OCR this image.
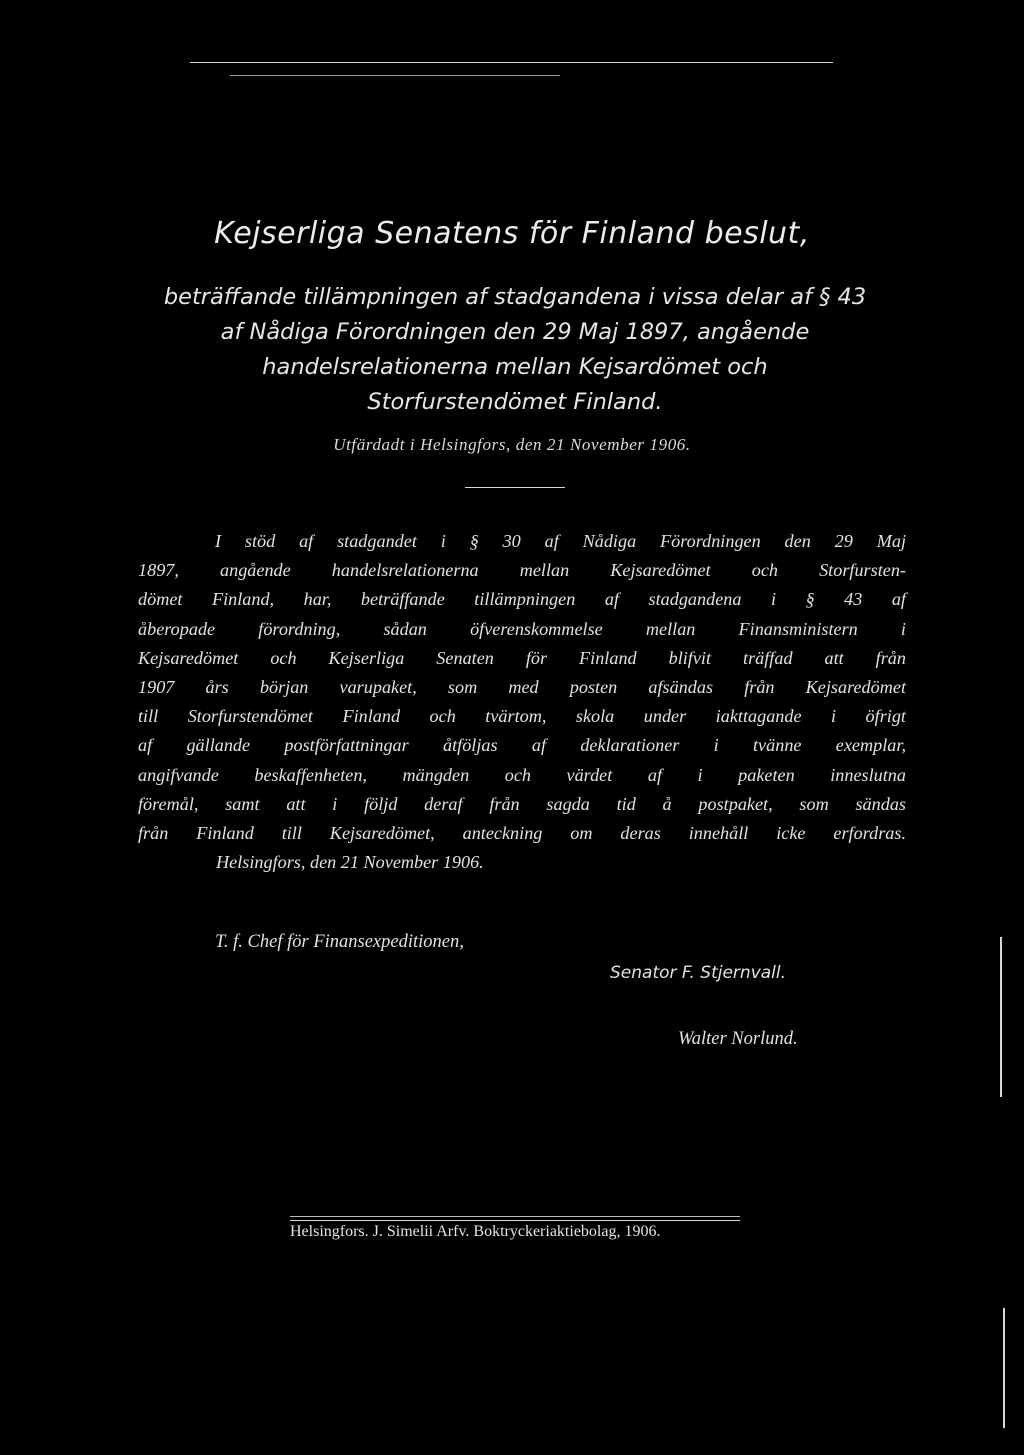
Kejserliga Senatens för Finland beslut,
beträffande tillämpningen af stadgandena i vissa delar af § 43
af Nådiga Förordningen den 29 Maj 1897, angående
handelsrelationerna mellan Kejsardömet och
Storfurstendömet Finland.
Utfärdadt i Helsingfors, den 21 November 1906.
I stöd af stadgandet i § 30 af Nådiga Förordningen den 29 Maj
1897, angående handelsrelationerna mellan Kejsaredömet och Storfursten-
dömet Finland, har, beträffande tillämpningen af stadgandena i § 43 af
åberopade förordning, sådan öfverenskommelse mellan Finansministern i
Kejsaredömet och Kejserliga Senaten för Finland blifvit träffad att från
1907 års början varupaket, som med posten afsändas från Kejsaredömet
till Storfurstendömet Finland och tvärtom, skola under iakttagande i öfrigt
af gällande postförfattningar åtföljas af deklarationer i tvänne exemplar,
angifvande beskaffenheten, mängden och värdet af i paketen inneslutna
föremål, samt att i följd deraf från sagda tid å postpaket, som sändas
från Finland till Kejsaredömet, anteckning om deras innehåll icke erfordras.
Helsingfors, den 21 November 1906.
T. f. Chef för Finansexpeditionen,
Senator F. Stjernvall.
Walter Norlund.
Helsingfors. J. Simelii Arfv. Boktryckeriaktiebolag, 1906.
